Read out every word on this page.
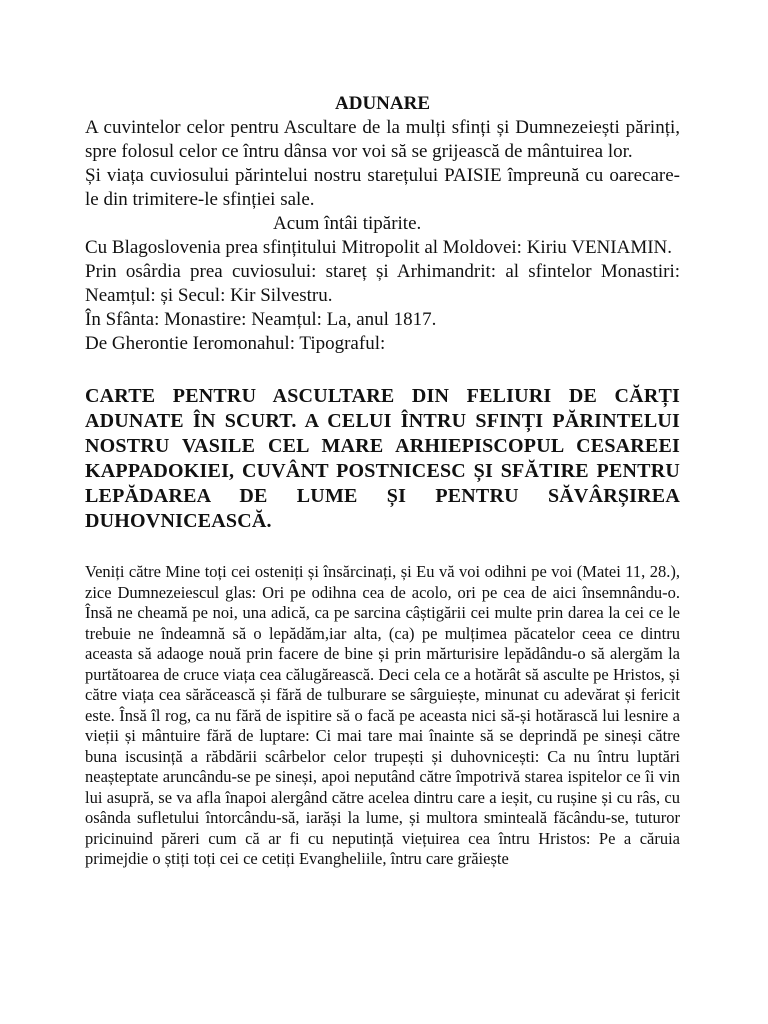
ADUNARE

A cuvintelor celor pentru Ascultare de la mulți sfinți și Dumnezeiești părinți, spre folosul celor ce întru dânsa vor voi să se grijească de mântuirea lor.

Și viața cuviosului părintelui nostru starețului PAISIE împreună cu oarecare-le din trimitere-le sfinției sale.

Acum întâi tipărite.

Cu Blagoslovenia prea sfințitului Mitropolit al Moldovei: Kiriu VENIAMIN.

Prin osârdia prea cuviosului: stareț și Arhimandrit: al sfintelor Monastiri: Neamțul: și Secul: Kir Silvestru.

În Sfânta: Monastire: Neamțul: La, anul 1817.

De Gherontie Ieromonahul: Tipograful:

CARTE PENTRU ASCULTARE DIN FELIURI DE CĂRȚI ADUNATE ÎN SCURT. A CELUI ÎNTRU SFINȚI PĂRINTELUI NOSTRU VASILE CEL MARE ARHIEPISCOPUL CESAREEI KAPPADOKIEI, CUVÂNT POSTNICESC ȘI SFĂTIRE PENTRU LEPĂDAREA DE LUME ȘI PENTRU SĂVÂRȘIREA DUHOVNICEASCĂ.
Veniți către Mine toți cei osteniți și însărcinați, și Eu vă voi odihni pe voi (Matei 11, 28.), zice Dumnezeiescul glas: Ori pe odihna cea de acolo, ori pe cea de aici însemnându-o. Însă ne cheamă pe noi, una adică, ca pe sarcina câștigării cei multe prin darea la cei ce le trebuie ne îndeamnă să o lepădăm,iar alta, (ca) pe mulțimea păcatelor ceea ce dintru aceasta să adaoge nouă prin facere de bine și prin mărturisire lepădându-o să alergăm la purtătoarea de cruce viața cea călugărească. Deci cela ce a hotărât să asculte pe Hristos, și către viața cea sărăcească și fără de tulburare se sârguiește, minunat cu adevărat și fericit este. Însă îl rog, ca nu fără de ispitire să o facă pe aceasta nici să-și hotărască lui lesnire a vieții și mântuire fără de luptare: Ci mai tare mai înainte să se deprindă pe sineși către buna iscusință a răbdării scârbelor celor trupești și duhovnicești: Ca nu întru luptări neașteptate aruncându-se pe sineși, apoi neputând către împotrivă starea ispitelor ce îi vin lui asupră, se va afla înapoi alergând către acelea dintru care a ieșit, cu rușine și cu râs, cu osânda sufletului întorcându-să, iarăși la lume, și multora sminteală făcându-se, tuturor pricinuind păreri cum că ar fi cu neputință viețuirea cea întru Hristos: Pe a căruia primejdie o știți toți cei ce cetiți Evangheliile, întru care grăiește
